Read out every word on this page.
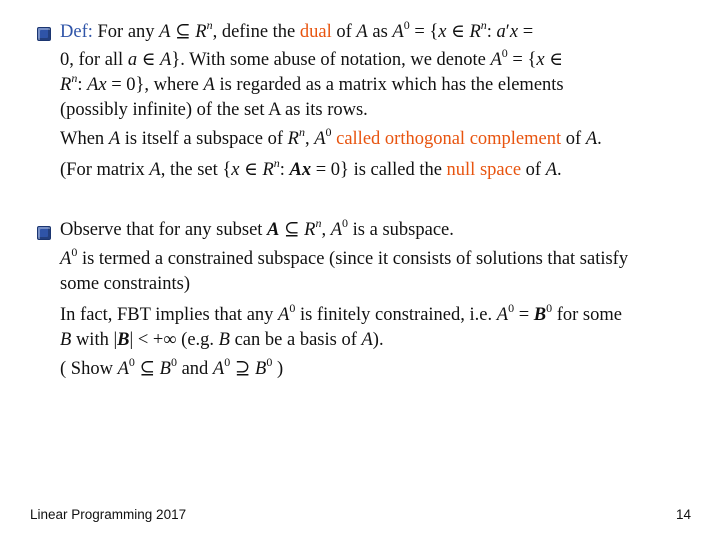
Def: For any A ⊆ $R^n$, define the dual of A as $A^0 = \{x$ ∈ $R^n$: a′x =
0, for all a ∈ A}. With some abuse of notation, we denote $A^0 = \{x$ ∈
$R^n$: Ax = 0}, where A is regarded as a matrix which has the elements
(possibly infinite) of the set A as its rows.
When A is itself a subspace of $R^n$, $A^0$ called orthogonal complement of A.
(For matrix A, the set {x ∈ $R^n$: Ax = 0} is called the null space of A.
Observe that for any subset A ⊆ $R^n$, $A^0$ is a subspace.
$A^0$ is termed a constrained subspace (since it consists of solutions that satisfy
some constraints)
In fact, FBT implies that any $A^0$ is finitely constrained, i.e. $A^0 = B^0$ for some
B with |B| < +∞ (e.g. B can be a basis of A).
( Show $A^0$ ⊆ $B^0$ and $A^0$ ⊇ $B^0$ )
Linear Programming 2017	14
